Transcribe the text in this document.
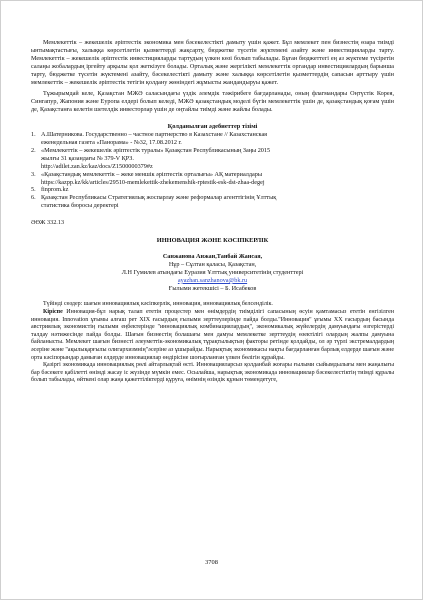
Мемлекеттік – жекешелік әріптестік экономика мен бәсекелестікті дамыту үшін қажет. Бұл мемлекет пен бизнестің өзара тиімді ынтымақтастығы, халыққа көрсетілетін қызметтерді жақсарту, бюджетке түсетін жүктемені азайту және инвестицияларды тарту. Мемлекеттік – жекешелік әріптестік инвестицияларды тартудың үлкен көзі болып табылады. Бұған бюджеттегі ең аз жүктеме түсіретін салаңы жобалардың іргейту арқылы қол жеткізуге болады. Орталық және жергілікті мемлекеттік органдар инвестициялардың барынша тарту, бюджетке түсетін жүктемені азайту, бәсекелестікті дамыту және халыққа көрсетілетін қызметтердің сапасын арттыру үшін мемлекеттік – жекешелік әріптестік тетігін қолдану жөніндегі жұмысты жандандыруы қажет.

Тұжырымдай келе, Қазақстан МЖӘ саласындағы үздік әлемдік тәжірибеге бағдарланады, оның флагмандары Оңтүстік Корея, Сингапур, Жапония және Еуропа елдері болып келеді, МЖӘ қазақстандық моделі бүгін мемлекеттік үшін де, қазақстандық қоғам үшін де, Қазақстанға келетін шетелдік инвесторлар үшін де оңтайлы тиімді және жайлы болады.

Қолданылған әдебиеттер тізімі
1. А.Шатерникова. Государственно – частное партнерство в Казахстане // Казахстанская
еженедельная газета «Панорама» - №32, 17.08.2012 г.
2. «Мемлекеттік – жекешелік әріптестік туралы» Қазақстан Республикасының Заңы 2015
жылғы 31 қазандағы № 379-V ҚРЗ.
http://adilet.zan.kz/kaz/docs/Z1500000379#z
3. «Қазақстандық мемлекеттік – жеке меншік әріптестік орталығы» АҚ материалдары
https://kazpp.kz/kk/articles/29510-memlekettik-zhekemenshik-rptestik-esk-dst-zhaa-degej
5. finprom.kz
6. Қазақстан Республикасы Стратегиялық жоспарлау және реформалар агенттігінің Ұлттық
статистика бюросы деректері
ӘӨЖ 332.13
ИННОВАЦИЯ ЖӘНЕ КӘСІПКЕРЛІК
Санжанова Анжан,Танбай Жансая,
Нұр – Сұлтан қаласы, Қазақстан,
Л.Н Гумилев атындағы Еуразия Ұлттық университетінің студенттері
ayazhan.sanzhanova@bk.ru
Ғылыми жетекшісі – Б. Исабеков

Түйінді сөздер: шағын инновациялық кәсіпкерлік, инновация, инновациялық белсенділік.

Кіріспе Инновация-бұл нарық талап ететін процестер мен өнімдердің тиімділігі сапасының өсуін қамтамасыз ететін енгізілген инновация. Innovation ұғымы алғаш рет XIX ғасырдың ғылыми зерттеулерінде пайда болды."Инновация" ұғымы XX ғасырдың басында австриялық экономистің ғылыми еңбектерінде "инновациялық комбинациялардың", экономикалық жүйелердің дамуындағы өзгерістерді талдау нәтижесінде пайда болды. Шағын бизнестің болашағы мен дамуы мемлекетке зерттеудің өзектілігі олардың жалпы дамуына байланысты. Мемлекет шағын бизнесті әлеуметтік-экономикалық тұрақтылықтың факторы ретінде қолдайды, ол әр түрлі экстремалдардың әсеріне және "ақылықарғылы олигархизмнің"әсеріне аз ұшырайды. Нарықтық экономикасы нақты бағдарланған барлық елдерде шағын және орта кәсіпорындар дамыған елдерде инновациялар өндірісіне шоғырланған үлкен бөлігін құрайды.

Қазіргі экономикада инновациялық рөлі айтарлықтай өсті. Инновацияларсыз қолданбай жоғары ғылыми сыйымдылығы мен жаңалығы бар бәсекеге қабілетті өнімді жасау іс жүзінде мүмкін емес. Осылайша, нарықтық экономикада инновациялар бәсекелестіктің тиімді құралы болып табылады, өйткені олар жаңа қажеттіліктерді құруға, өнімнің өзіндік құнын төмендетуге,

3708
